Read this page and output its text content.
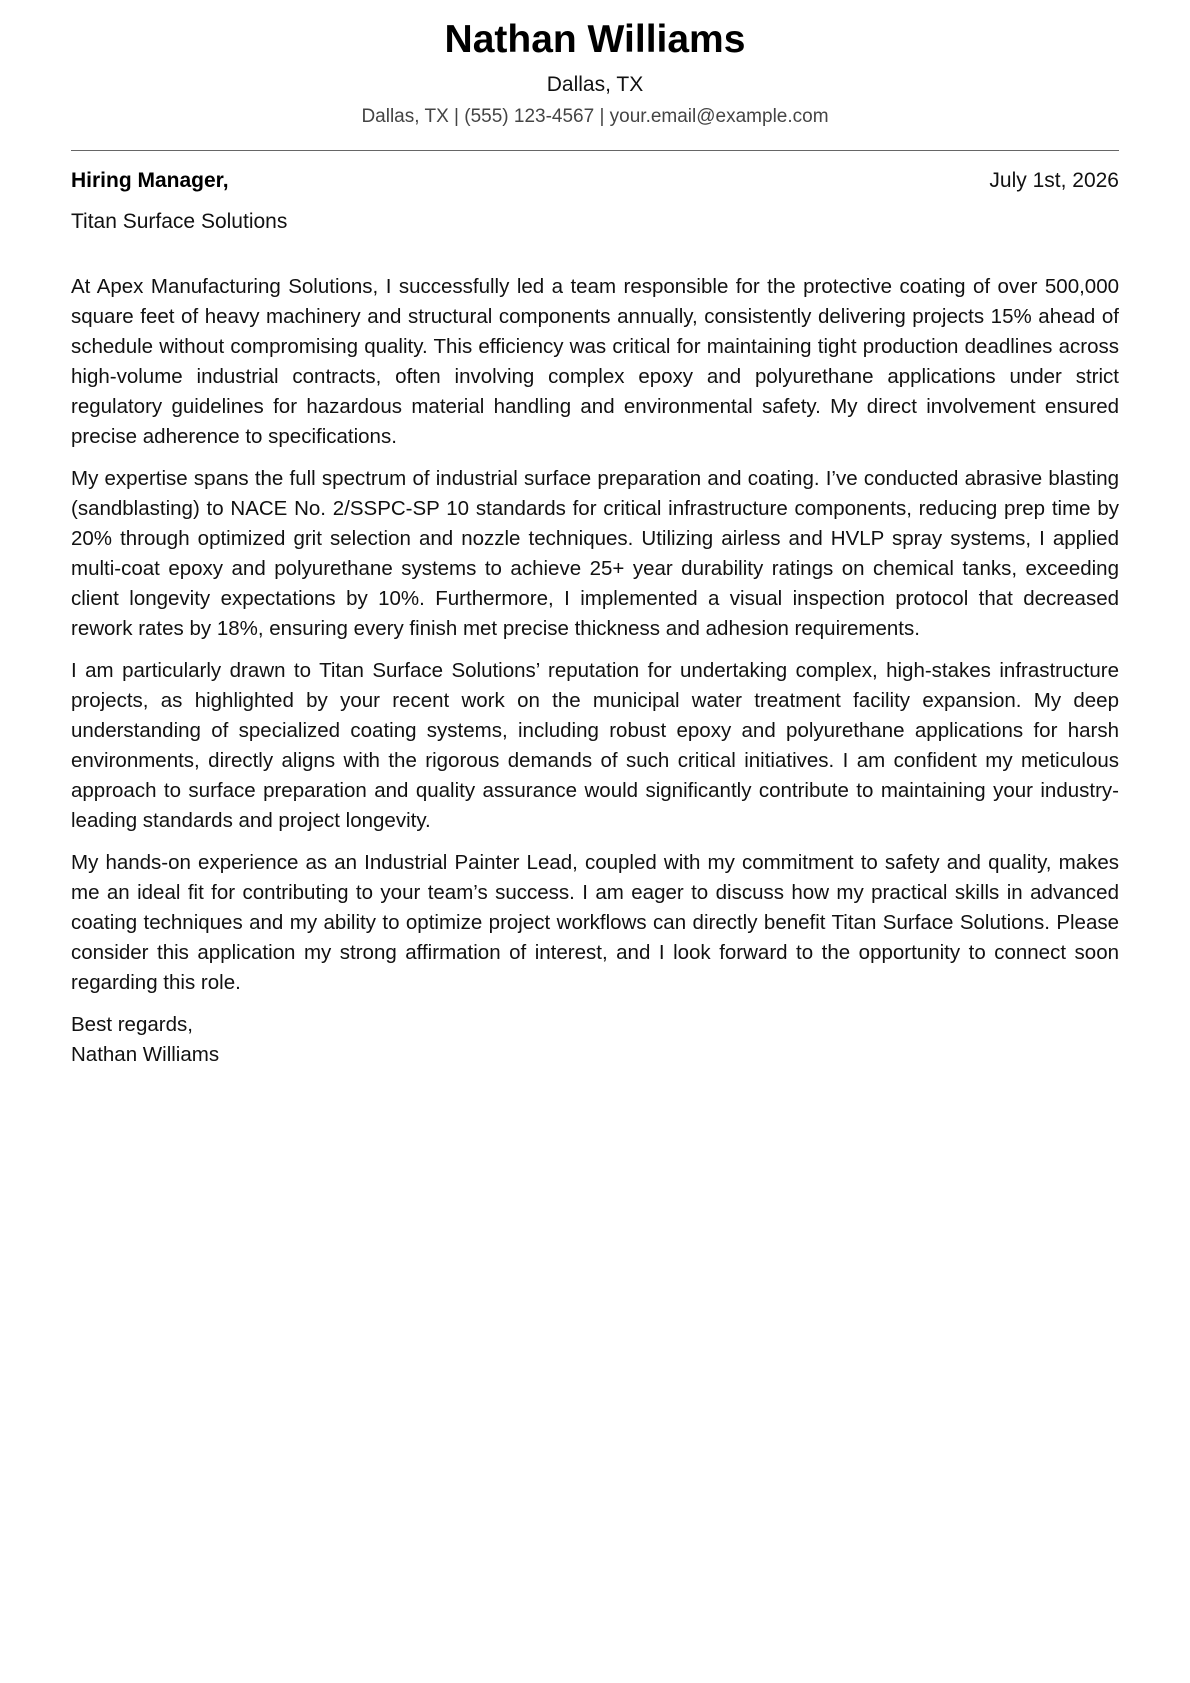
Nathan Williams
Dallas, TX
Dallas, TX | (555) 123-4567 | your.email@example.com
Hiring Manager,	July 1st, 2026
Titan Surface Solutions

At Apex Manufacturing Solutions, I successfully led a team responsible for the protective coating of over 500,000 square feet of heavy machinery and structural components annually, consistently delivering projects 15% ahead of schedule without compromising quality. This efficiency was critical for maintaining tight production deadlines across high-volume industrial contracts, often involving complex epoxy and polyurethane applications under strict regulatory guidelines for hazardous material handling and environmental safety. My direct involvement ensured precise adherence to specifications.

My expertise spans the full spectrum of industrial surface preparation and coating. I’ve conducted abrasive blasting (sandblasting) to NACE No. 2/SSPC-SP 10 standards for critical infrastructure components, reducing prep time by 20% through optimized grit selection and nozzle techniques. Utilizing airless and HVLP spray systems, I applied multi-coat epoxy and polyurethane systems to achieve 25+ year durability ratings on chemical tanks, exceeding client longevity expectations by 10%. Furthermore, I implemented a visual inspection protocol that decreased rework rates by 18%, ensuring every finish met precise thickness and adhesion requirements.

I am particularly drawn to Titan Surface Solutions’ reputation for undertaking complex, high-stakes infrastructure projects, as highlighted by your recent work on the municipal water treatment facility expansion. My deep understanding of specialized coating systems, including robust epoxy and polyurethane applications for harsh environments, directly aligns with the rigorous demands of such critical initiatives. I am confident my meticulous approach to surface preparation and quality assurance would significantly contribute to maintaining your industry-leading standards and project longevity.

My hands-on experience as an Industrial Painter Lead, coupled with my commitment to safety and quality, makes me an ideal fit for contributing to your team’s success. I am eager to discuss how my practical skills in advanced coating techniques and my ability to optimize project workflows can directly benefit Titan Surface Solutions. Please consider this application my strong affirmation of interest, and I look forward to the opportunity to connect soon regarding this role.

Best regards,
Nathan Williams
